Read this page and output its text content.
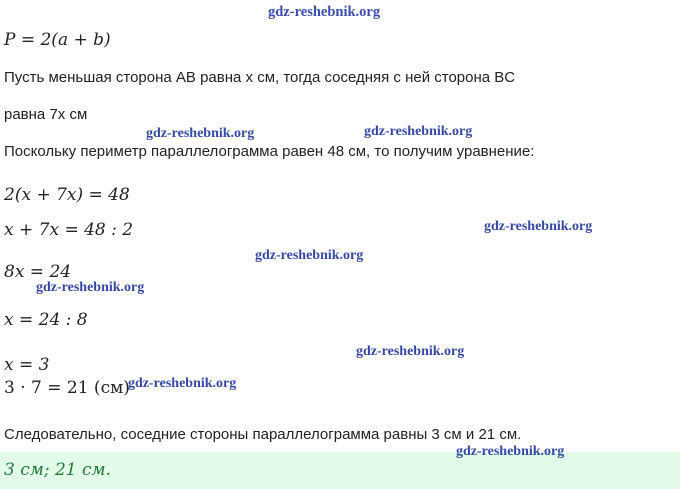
P = 2(a + b)
Пусть меньшая сторона AB равна x см, тогда соседняя с ней сторона BC
равна 7x см
Поскольку периметр параллелограмма равен 48 см, то получим уравнение:
2(x + 7x) = 48
x + 7x = 48 : 2
8x = 24
x = 24 : 8
x = 3
3 · 7 = 21 (см)
Следовательно, соседние стороны параллелограмма равны 3 см и 21 см.
3 см; 21 см.
gdz-reshebnik.org
gdz-reshebnik.org	gdz-reshebnik.org
gdz-reshebnik.org
gdz-reshebnik.org
gdz-reshebnik.org
gdz-reshebnik.org
gdz-reshebnik.org
gdz-reshebnik.org
